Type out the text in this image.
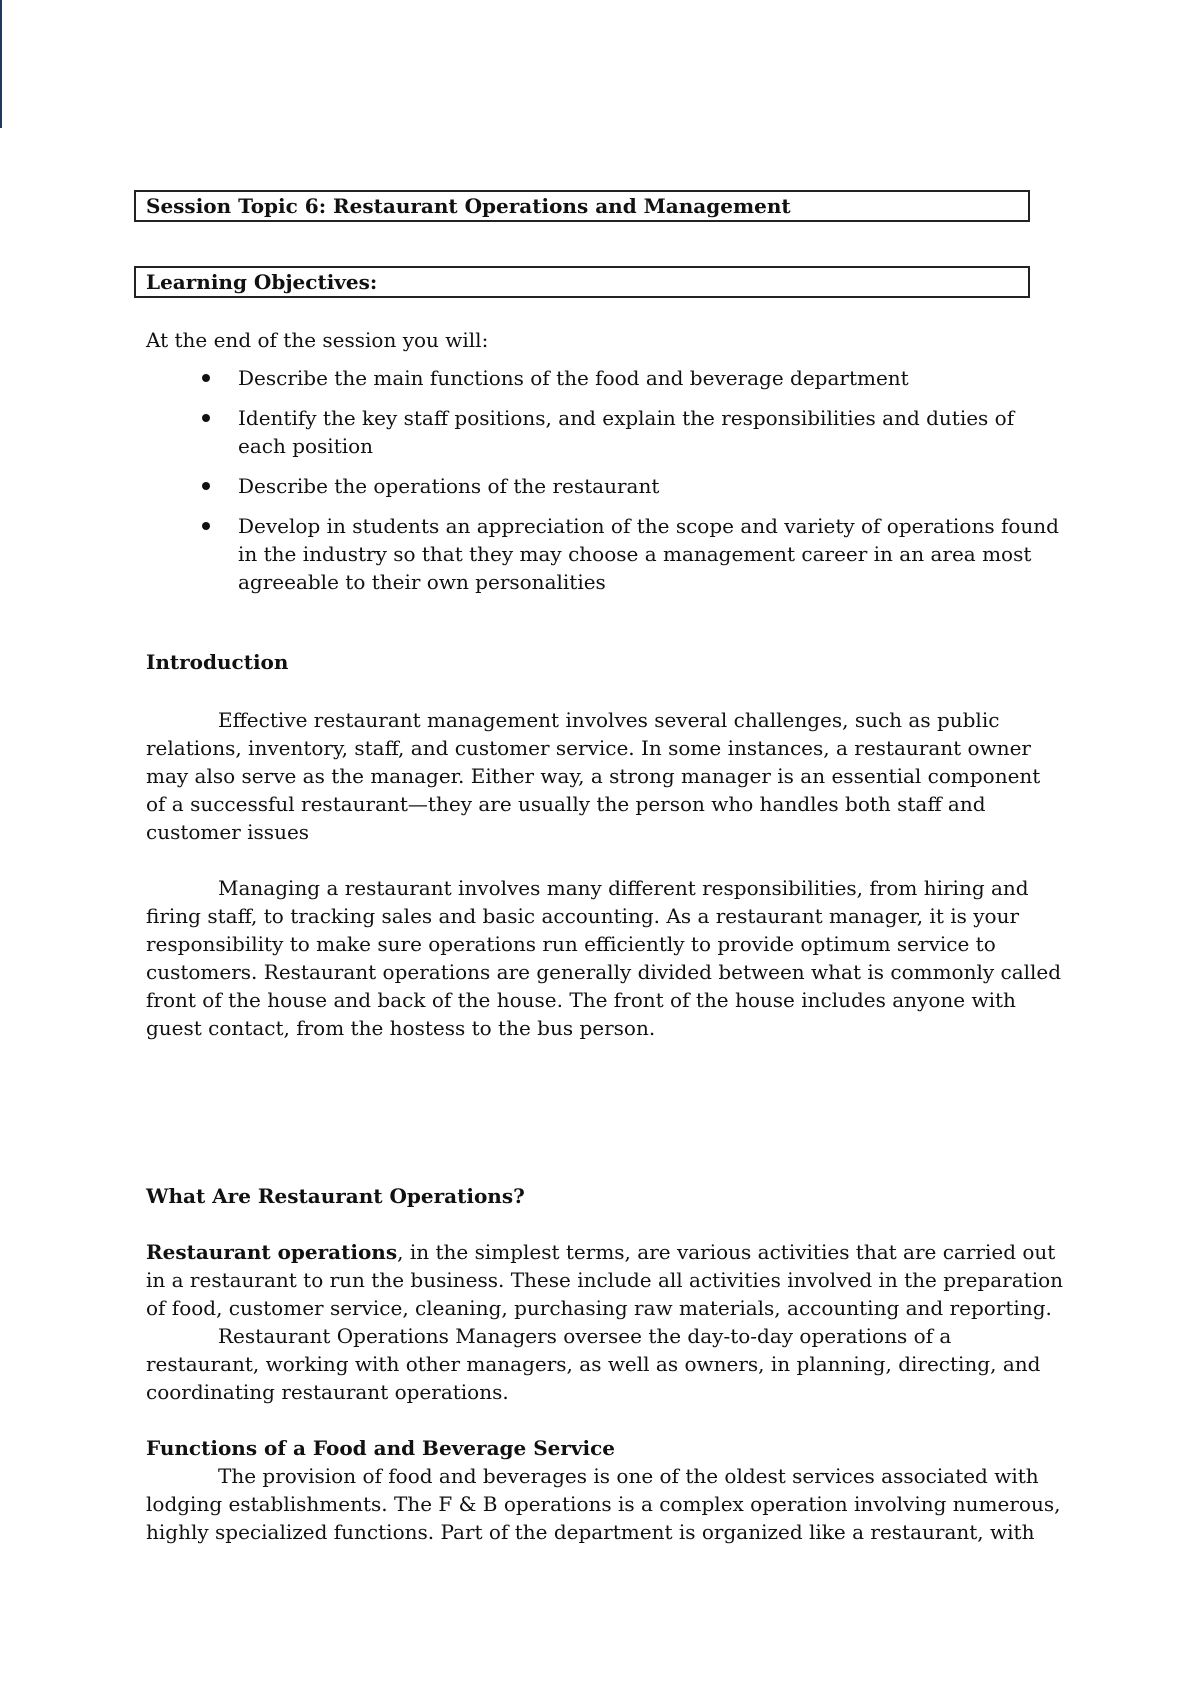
Session Topic 6: Restaurant Operations and Management
Learning Objectives:
At the end of the session you will:
Describe the main functions of the food and beverage department
Identify the key staff positions, and explain the responsibilities and duties of each position
Describe the operations of the restaurant
Develop in students an appreciation of the scope and variety of operations found in the industry so that they may choose a management career in an area most agreeable to their own personalities
Introduction

Effective restaurant management involves several challenges, such as public relations, inventory, staff, and customer service. In some instances, a restaurant owner may also serve as the manager. Either way, a strong manager is an essential component of a successful restaurant—they are usually the person who handles both staff and customer issues

Managing a restaurant involves many different responsibilities, from hiring and firing staff, to tracking sales and basic accounting. As a restaurant manager, it is your responsibility to make sure operations run efficiently to provide optimum service to customers. Restaurant operations are generally divided between what is commonly called front of the house and back of the house. The front of the house includes anyone with guest contact, from the hostess to the bus person.

What Are Restaurant Operations?

Restaurant operations, in the simplest terms, are various activities that are carried out in a restaurant to run the business. These include all activities involved in the preparation of food, customer service, cleaning, purchasing raw materials, accounting and reporting.

Restaurant Operations Managers oversee the day-to-day operations of a restaurant, working with other managers, as well as owners, in planning, directing, and coordinating restaurant operations.

Functions of a Food and Beverage Service

The provision of food and beverages is one of the oldest services associated with lodging establishments. The F & B operations is a complex operation involving numerous, highly specialized functions. Part of the department is organized like a restaurant, with
